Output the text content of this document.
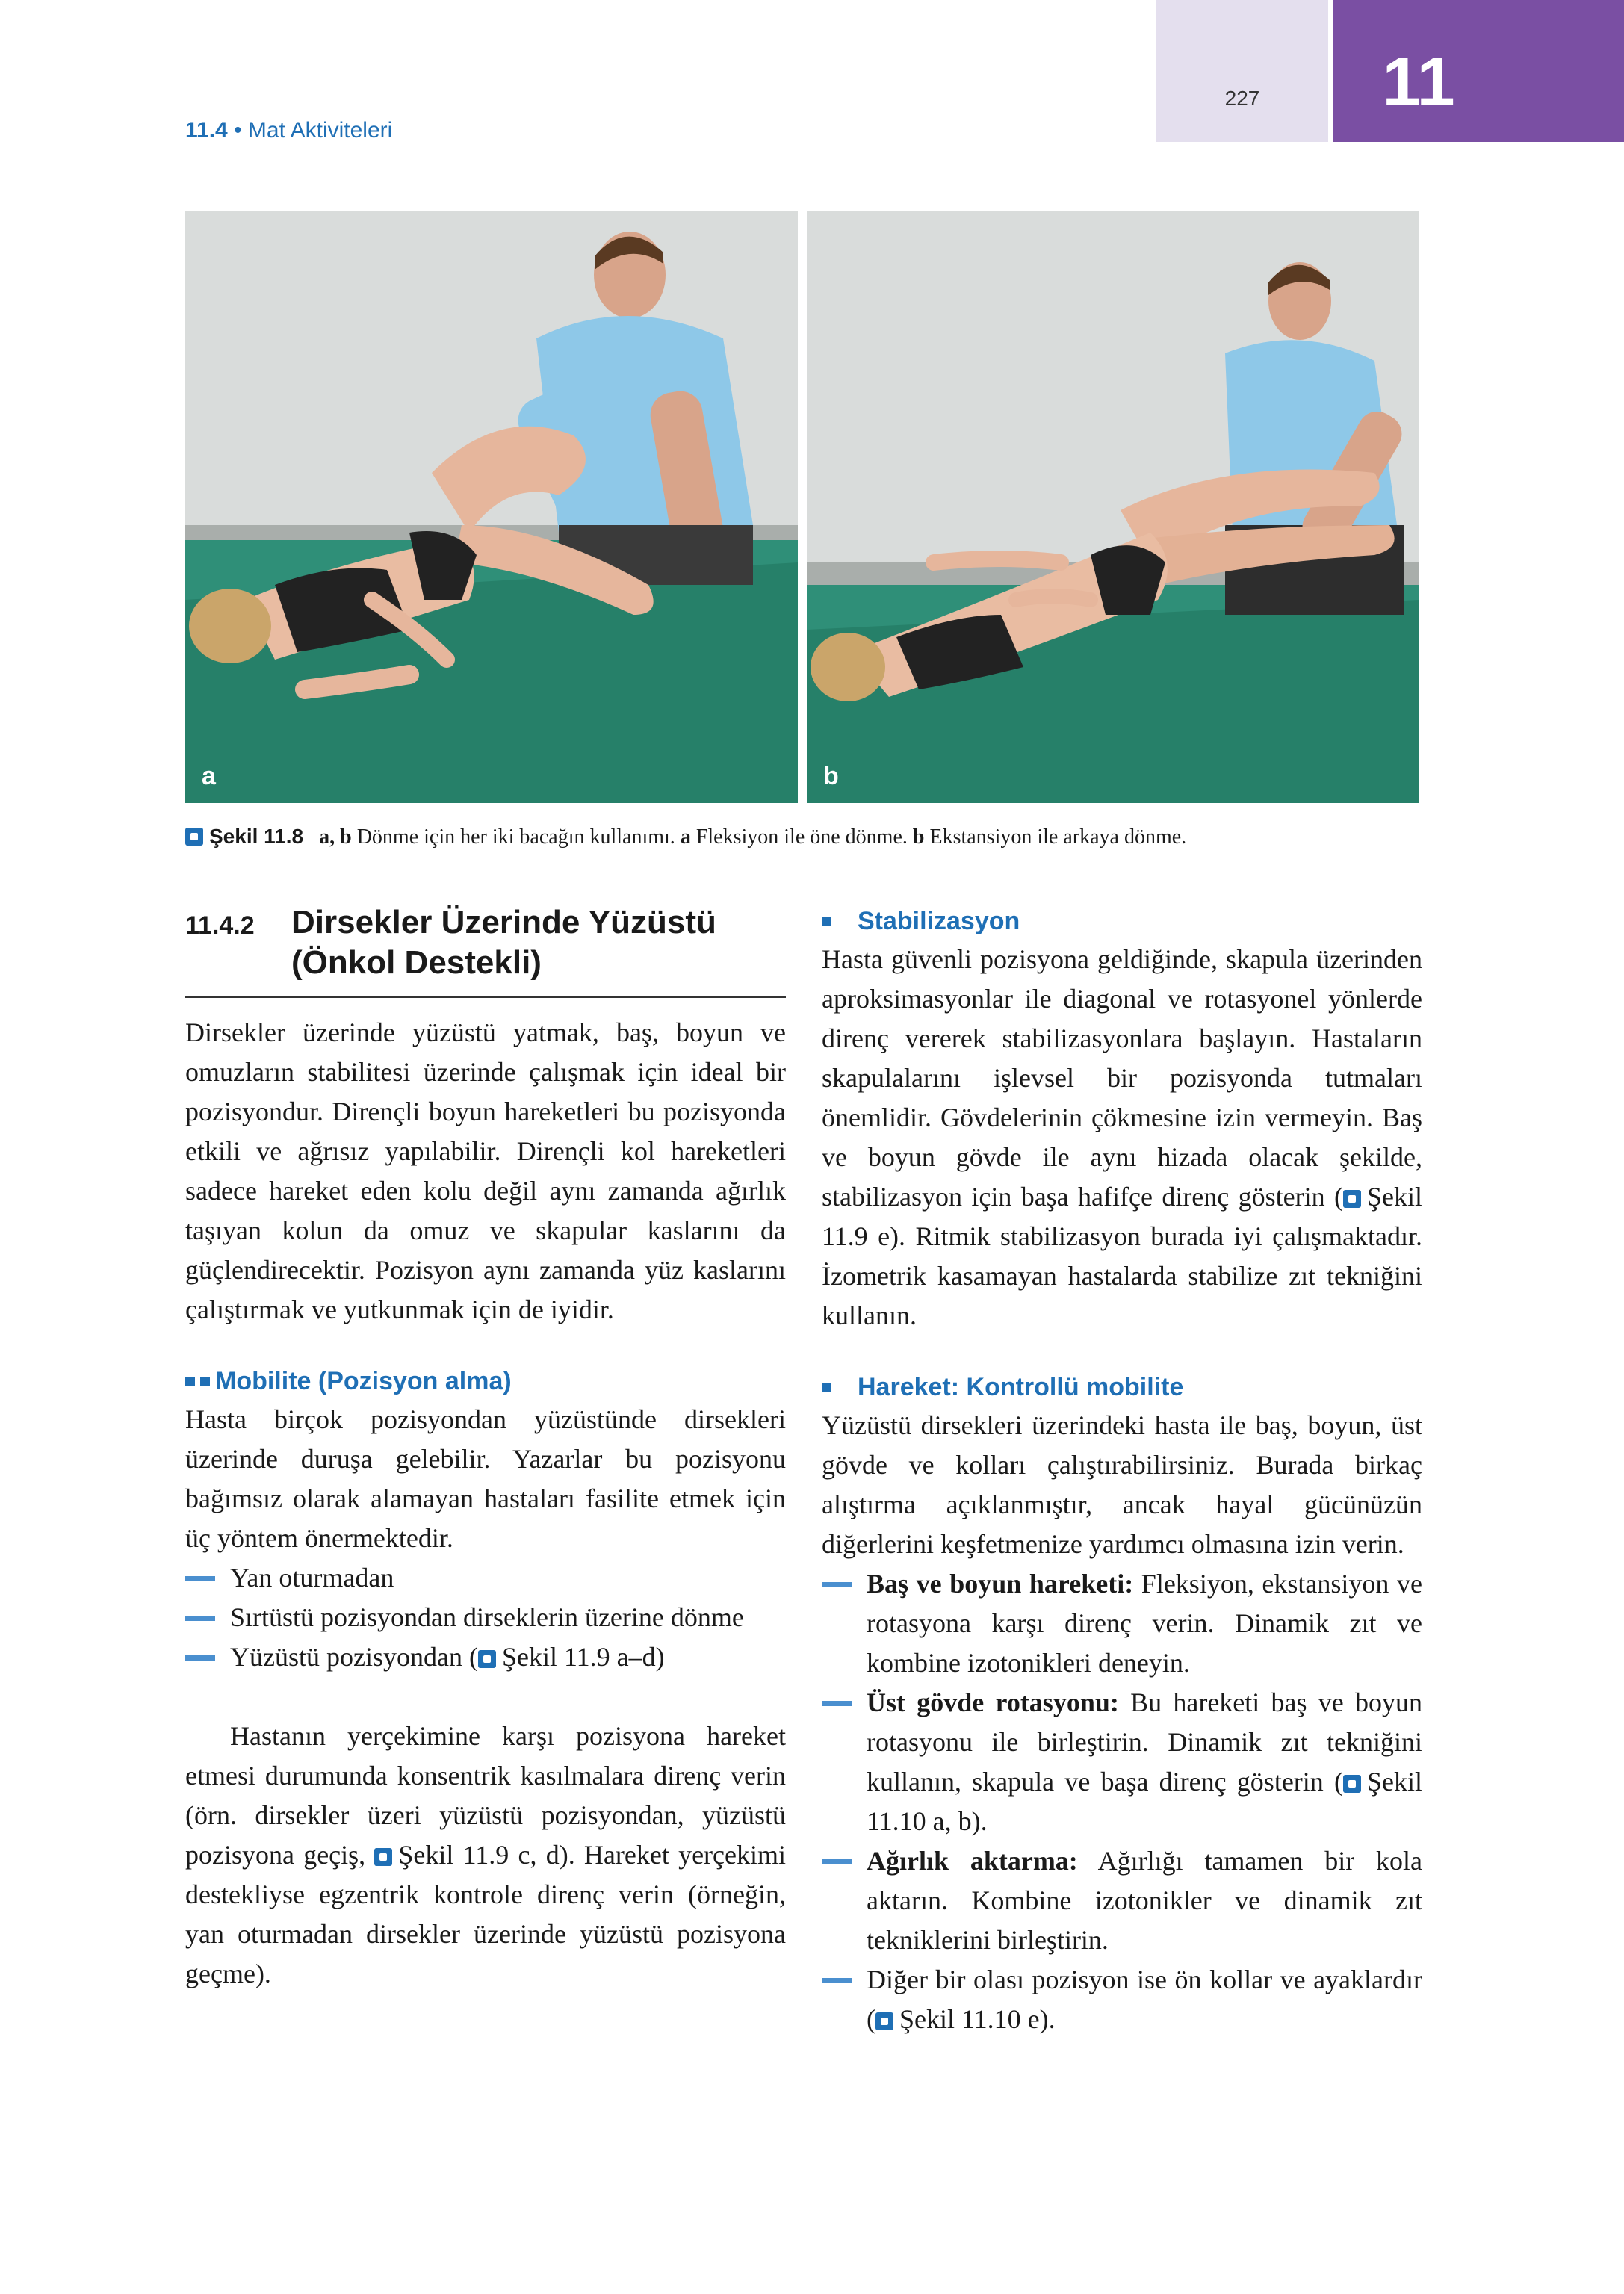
227	11
11.4 • Mat Aktiviteleri
a	b
Şekil 11.8 a, b Dönme için her iki bacağın kullanımı. a Fleksiyon ile öne dönme. b Ekstansiyon ile arkaya dönme.
11.4.2 Dirsekler Üzerinde Yüzüstü (Önkol Destekli)

Dirsekler üzerinde yüzüstü yatmak, baş, boyun ve omuzların stabilitesi üzerinde çalışmak için ideal bir pozisyondur. Dirençli boyun hareketleri bu pozisyonda etkili ve ağrısız yapılabilir. Dirençli kol hareketleri sadece hareket eden kolu değil aynı zamanda ağırlık taşıyan kolun da omuz ve skapular kaslarını da güçlendirecektir. Pozisyon aynı zamanda yüz kaslarını çalıştırmak ve yutkunmak için de iyidir.

Mobilite (Pozisyon alma)

Hasta birçok pozisyondan yüzüstünde dirsekleri üzerinde duruşa gelebilir. Yazarlar bu pozisyonu bağımsız olarak alamayan hastaları fasilite etmek için üç yöntem önermektedir.

Yan oturmadan
Sırtüstü pozisyondan dirseklerin üzerine dönme
Yüzüstü pozisyondan ( Şekil 11.9 a–d)

Hastanın yerçekimine karşı pozisyona hareket etmesi durumunda konsentrik kasılmalara direnç verin (örn. dirsekler üzeri yüzüstü pozisyondan, yüzüstü pozisyona geçiş, Şekil 11.9 c, d). Hareket yerçekimi destekliyse egzentrik kontrole direnç verin (örneğin, yan oturmadan dirsekler üzerinde yüzüstü pozisyona geçme).

Stabilizasyon

Hasta güvenli pozisyona geldiğinde, skapula üzerinden aproksimasyonlar ile diagonal ve rotasyonel yönlerde direnç vererek stabilizasyonlara başlayın. Hastaların skapulalarını işlevsel bir pozisyonda tutmaları önemlidir. Gövdelerinin çökmesine izin vermeyin. Baş ve boyun gövde ile aynı hizada olacak şekilde, stabilizasyon için başa hafifçe direnç gösterin ( Şekil 11.9 e). Ritmik stabilizasyon burada iyi çalışmaktadır. İzometrik kasamayan hastalarda stabilize zıt tekniğini kullanın.

Hareket: Kontrollü mobilite

Yüzüstü dirsekleri üzerindeki hasta ile baş, boyun, üst gövde ve kolları çalıştırabilirsiniz. Burada birkaç alıştırma açıklanmıştır, ancak hayal gücünüzün diğerlerini keşfetmenize yardımcı olmasına izin verin.

Baş ve boyun hareketi: Fleksiyon, ekstansiyon ve rotasyona karşı direnç verin. Dinamik zıt ve kombine izotonikleri deneyin.
Üst gövde rotasyonu: Bu hareketi baş ve boyun rotasyonu ile birleştirin. Dinamik zıt tekniğini kullanın, skapula ve başa direnç gösterin ( Şekil 11.10 a, b).
Ağırlık aktarma: Ağırlığı tamamen bir kola aktarın. Kombine izotonikler ve dinamik zıt tekniklerini birleştirin.
Diğer bir olası pozisyon ise ön kollar ve ayaklardır ( Şekil 11.10 e).
